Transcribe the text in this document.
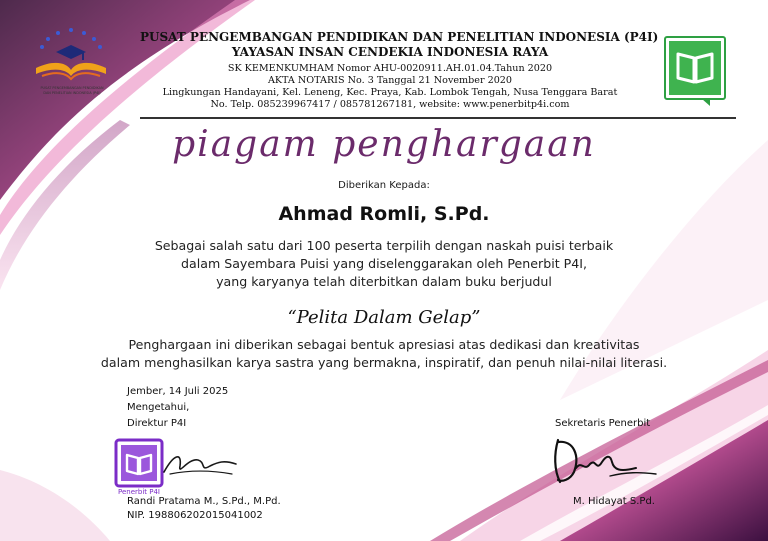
PUSAT PENGEMBANGAN PENDIDIKAN
DAN PENELITIAN INDONESIA (P4I)
PUSAT PENGEMBANGAN PENDIDIKAN DAN PENELITIAN INDONESIA (P4I)
YAYASAN INSAN CENDEKIA INDONESIA RAYA
SK KEMENKUMHAM Nomor AHU-0020911.AH.01.04.Tahun 2020
AKTA NOTARIS No. 3 Tanggal 21 November 2020
Lingkungan Handayani, Kel. Leneng, Kec. Praya, Kab. Lombok Tengah, Nusa Tenggara Barat
No. Telp. 085239967417 / 085781267181, website: www.penerbitp4i.com
piagam penghargaan
Diberikan Kepada:
Ahmad Romli, S.Pd.
Sebagai salah satu dari 100 peserta terpilih dengan naskah puisi terbaik
dalam Sayembara Puisi yang diselenggarakan oleh Penerbit P4I,
yang karyanya telah diterbitkan dalam buku berjudul
“Pelita Dalam Gelap”
Penghargaan ini diberikan sebagai bentuk apresiasi atas dedikasi dan kreativitas
dalam menghasilkan karya sastra yang bermakna, inspiratif, dan penuh nilai-nilai literasi.
Jember, 14 Juli 2025
Mengetahui,
Direktur P4I
Penerbit P4I
Randi Pratama M., S.Pd., M.Pd.
NIP. 198806202015041002
Sekretaris Penerbit
M. Hidayat S.Pd.
